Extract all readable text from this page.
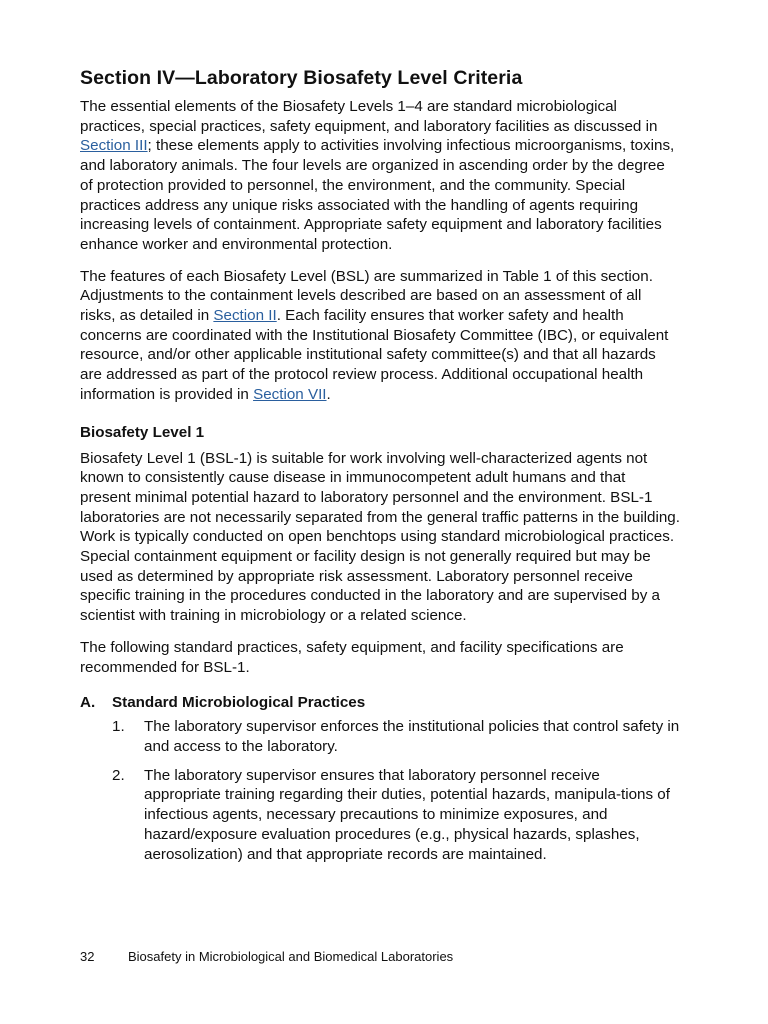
Section IV—Laboratory Biosafety Level Criteria

The essential elements of the Biosafety Levels 1–4 are standard microbiological practices, special practices, safety equipment, and laboratory facilities as discussed in Section III; these elements apply to activities involving infectious microorganisms, toxins, and laboratory animals. The four levels are organized in ascending order by the degree of protection provided to personnel, the environment, and the community. Special practices address any unique risks associated with the handling of agents requiring increasing levels of containment. Appropriate safety equipment and laboratory facilities enhance worker and environmental protection.

The features of each Biosafety Level (BSL) are summarized in Table 1 of this section. Adjustments to the containment levels described are based on an assessment of all risks, as detailed in Section II. Each facility ensures that worker safety and health concerns are coordinated with the Institutional Biosafety Committee (IBC), or equivalent resource, and/or other applicable institutional safety committee(s) and that all hazards are addressed as part of the protocol review process. Additional occupational health information is provided in Section VII.

Biosafety Level 1

Biosafety Level 1 (BSL-1) is suitable for work involving well-characterized agents not known to consistently cause disease in immunocompetent adult humans and that present minimal potential hazard to laboratory personnel and the environment. BSL-1 laboratories are not necessarily separated from the general traffic patterns in the building. Work is typically conducted on open benchtops using standard microbiological practices. Special containment equipment or facility design is not generally required but may be used as determined by appropriate risk assessment. Laboratory personnel receive specific training in the procedures conducted in the laboratory and are supervised by a scientist with training in microbiology or a related science.

The following standard practices, safety equipment, and facility specifications are recommended for BSL-1.

A.	Standard Microbiological Practices
1.	The laboratory supervisor enforces the institutional policies that control safety in and access to the laboratory.
2.	The laboratory supervisor ensures that laboratory personnel receive appropriate training regarding their duties, potential hazards, manipula-tions of infectious agents, necessary precautions to minimize exposures, and hazard/exposure evaluation procedures (e.g., physical hazards, splashes, aerosolization) and that appropriate records are maintained.
32	Biosafety in Microbiological and Biomedical Laboratories
